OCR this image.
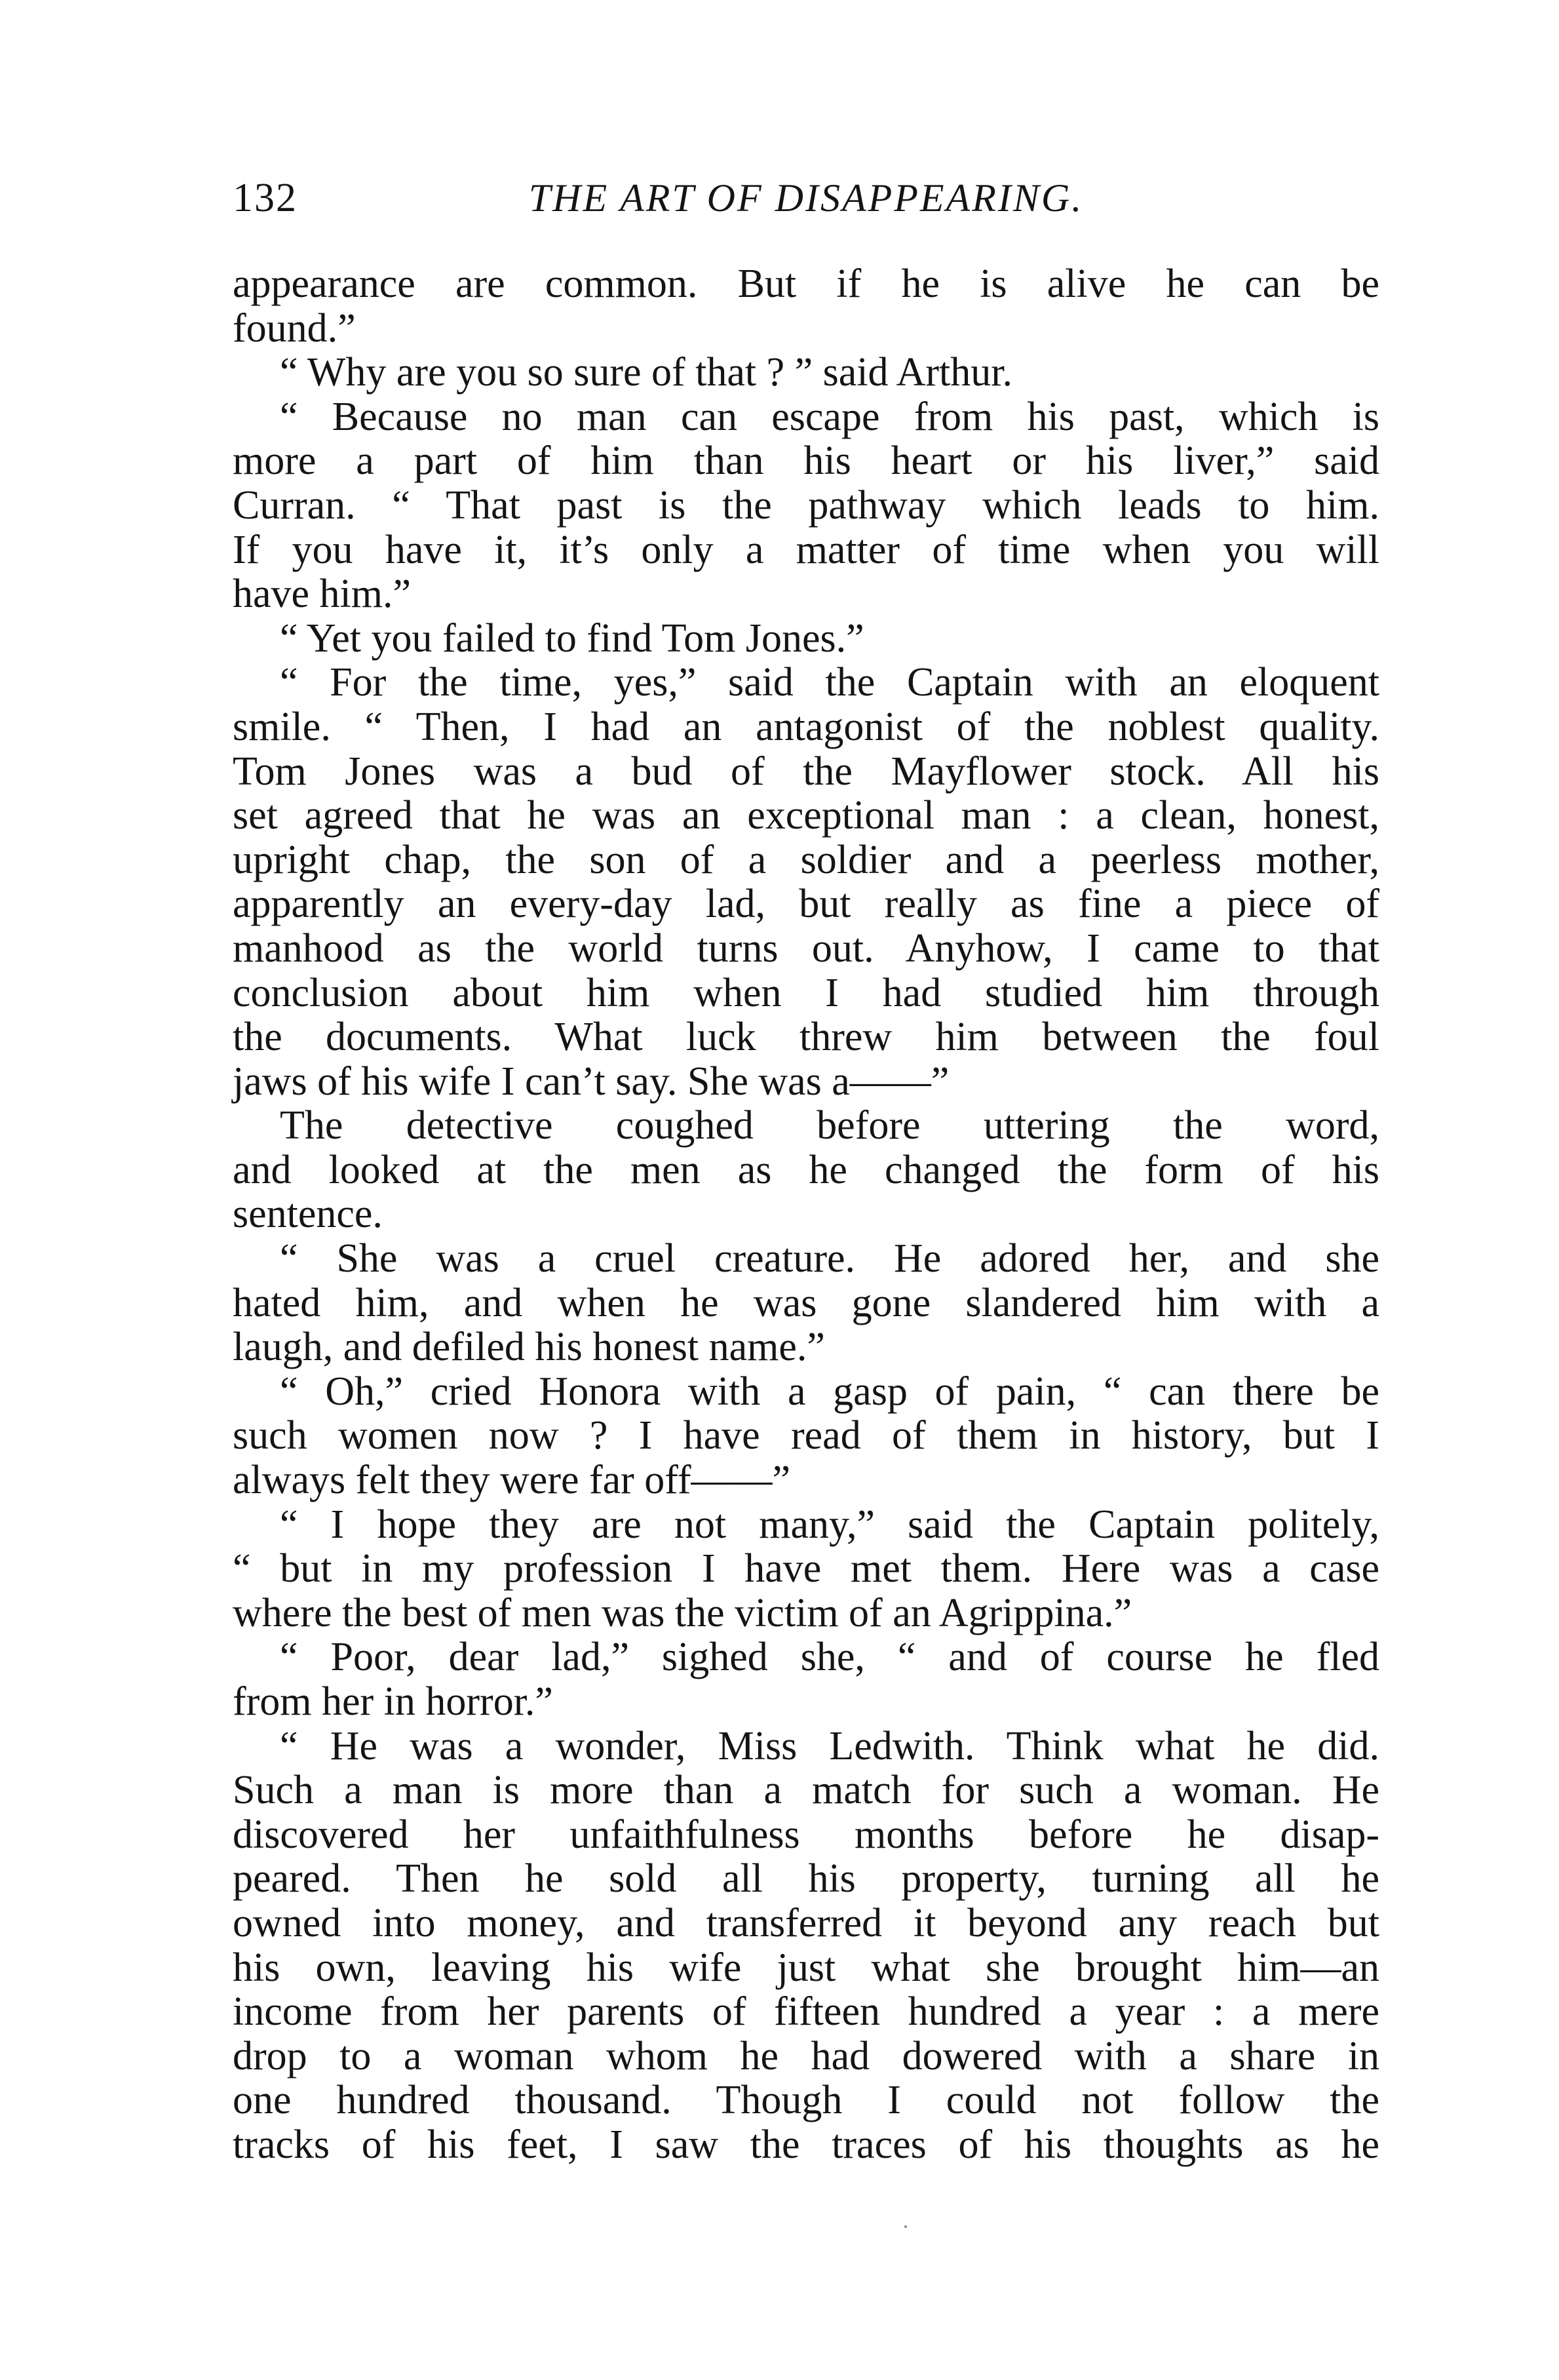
132	THE ART OF DISAPPEARING.
appearance are common. But if he is alive he can be
found.”
“ Why are you so sure of that ? ” said Arthur.
“ Because no man can escape from his past, which is
more a part of him than his heart or his liver,” said
Curran. “ That past is the pathway which leads to him.
If you have it, it’s only a matter of time when you will
have him.”
“ Yet you failed to find Tom Jones.”
“ For the time, yes,” said the Captain with an eloquent
smile. “ Then, I had an antagonist of the noblest quality.
Tom Jones was a bud of the Mayflower stock. All his
set agreed that he was an exceptional man : a clean, honest,
upright chap, the son of a soldier and a peerless mother,
apparently an every-day lad, but really as fine a piece of
manhood as the world turns out. Anyhow, I came to that
conclusion about him when I had studied him through
the documents. What luck threw him between the foul
jaws of his wife I can’t say. She was a——”
The detective coughed before uttering the word,
and looked at the men as he changed the form of his
sentence.
“ She was a cruel creature. He adored her, and she
hated him, and when he was gone slandered him with a
laugh, and defiled his honest name.”
“ Oh,” cried Honora with a gasp of pain, “ can there be
such women now ? I have read of them in history, but I
always felt they were far off——”
“ I hope they are not many,” said the Captain politely,
“ but in my profession I have met them. Here was a case
where the best of men was the victim of an Agrippina.”
“ Poor, dear lad,” sighed she, “ and of course he fled
from her in horror.”
“ He was a wonder, Miss Ledwith. Think what he did.
Such a man is more than a match for such a woman. He
discovered her unfaithfulness months before he disap-
peared. Then he sold all his property, turning all he
owned into money, and transferred it beyond any reach but
his own, leaving his wife just what she brought him—an
income from her parents of fifteen hundred a year : a mere
drop to a woman whom he had dowered with a share in
one hundred thousand. Though I could not follow the
tracks of his feet, I saw the traces of his thoughts as he
